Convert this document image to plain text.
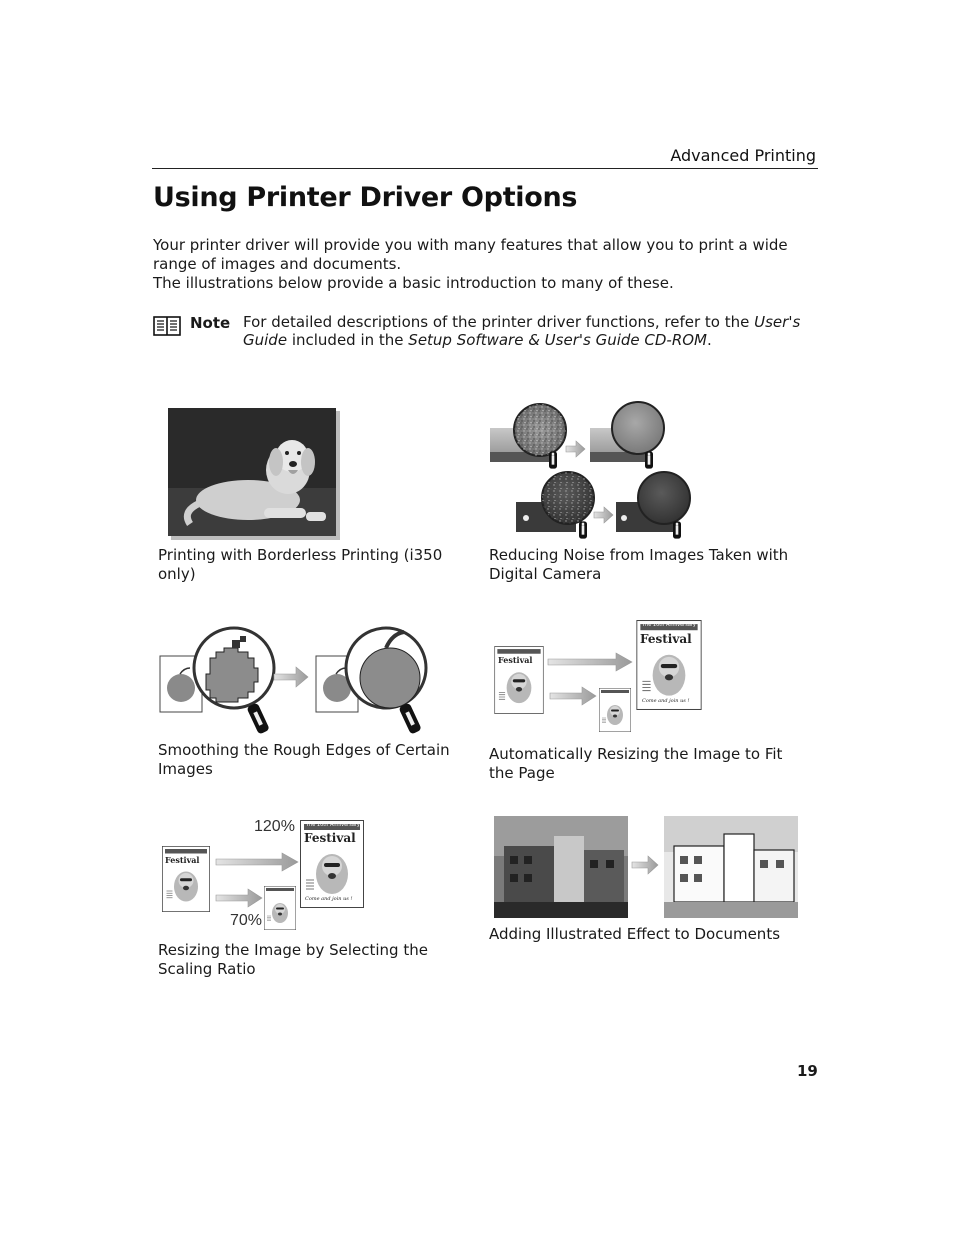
Advanced Printing
Using Printer Driver Options

Your printer driver will provide you with many features that allow you to print a wide range of images and documents.

The illustrations below provide a basic introduction to many of these.

Note For detailed descriptions of the printer driver functions, refer to the User's Guide included in the Setup Software & User's Guide CD-ROM.
Printing with Borderless Printing (i350 only)
Reducing Noise from Images Taken with Digital Camera
Smoothing the Rough Edges of Certain Images
The 10th Anniversary
Festival
Come and join us !
Festival
Automatically Resizing the Image to Fit the Page
120%
70%
The 10th Anniversary
Festival
Come and join us !
Festival
Resizing the Image by Selecting the Scaling Ratio
Adding Illustrated Effect to Documents
19
